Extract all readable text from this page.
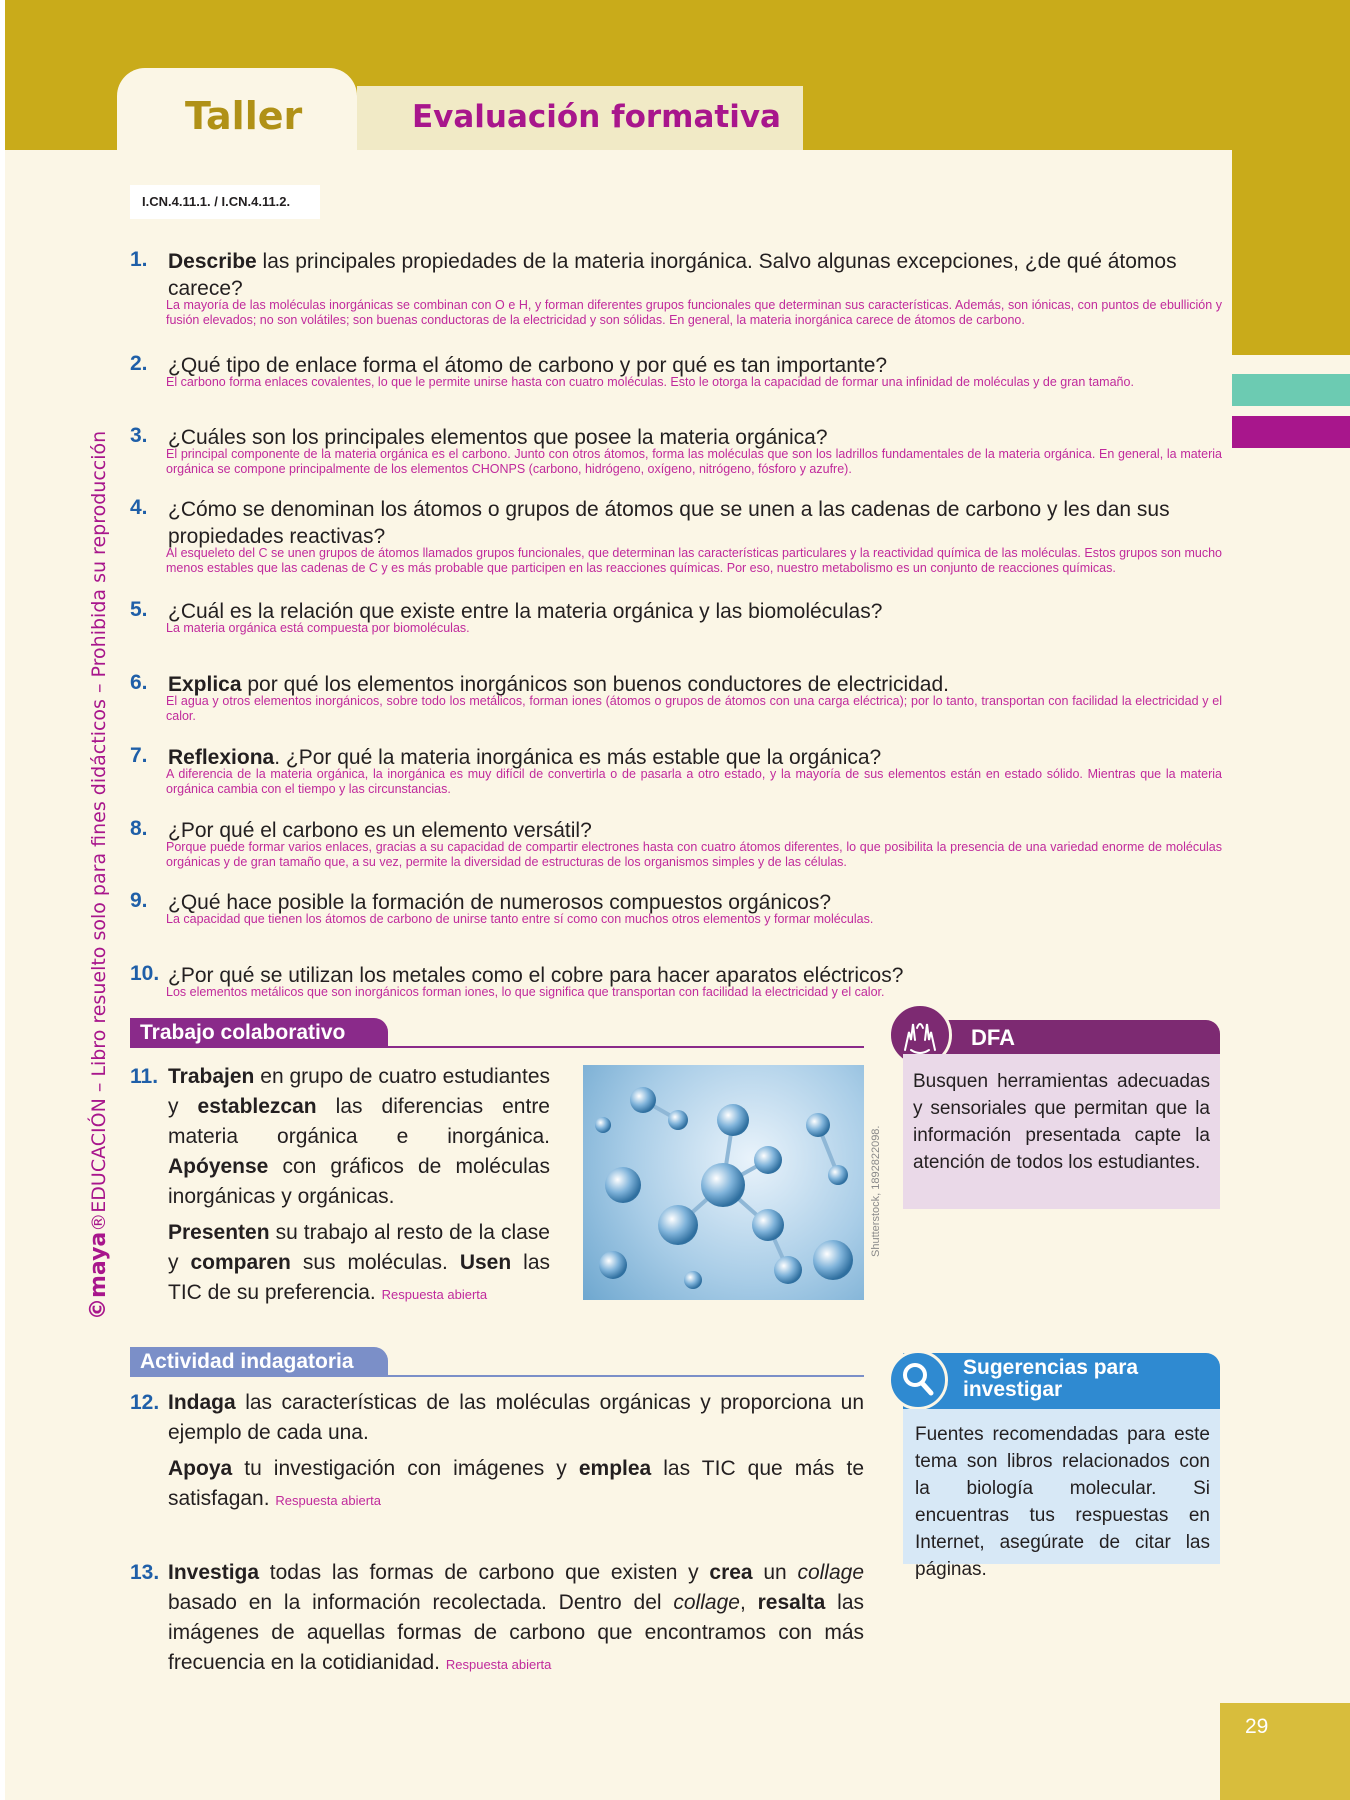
Taller	Evaluación formativa
I.CN.4.11.1. / I.CN.4.11.2.
©maya®EDUCACIÓN – Libro resuelto solo para fines didácticos – Prohibida su reproducción
1. Describe las principales propiedades de la materia inorgánica. Salvo algunas excepciones, ¿de qué átomos carece?
La mayoría de las moléculas inorgánicas se combinan con O e H, y forman diferentes grupos funcionales que determinan sus características. Además, son iónicas, con puntos de ebullición y fusión elevados; no son volátiles; son buenas conductoras de la electricidad y son sólidas. En general, la materia inorgánica carece de átomos de carbono.
2. ¿Qué tipo de enlace forma el átomo de carbono y por qué es tan importante?
El carbono forma enlaces covalentes, lo que le permite unirse hasta con cuatro moléculas. Esto le otorga la capacidad de formar una infinidad de moléculas y de gran tamaño.
3. ¿Cuáles son los principales elementos que posee la materia orgánica?
El principal componente de la materia orgánica es el carbono. Junto con otros átomos, forma las moléculas que son los ladrillos fundamentales de la materia orgánica. En general, la materia orgánica se compone principalmente de los elementos CHONPS (carbono, hidrógeno, oxígeno, nitrógeno, fósforo y azufre).
4. ¿Cómo se denominan los átomos o grupos de átomos que se unen a las cadenas de carbono y les dan sus propiedades reactivas?
Al esqueleto del C se unen grupos de átomos llamados grupos funcionales, que determinan las características particulares y la reactividad química de las moléculas. Estos grupos son mucho menos estables que las cadenas de C y es más probable que participen en las reacciones químicas. Por eso, nuestro metabolismo es un conjunto de reacciones químicas.
5. ¿Cuál es la relación que existe entre la materia orgánica y las biomoléculas?
La materia orgánica está compuesta por biomoléculas.
6. Explica por qué los elementos inorgánicos son buenos conductores de electricidad.
El agua y otros elementos inorgánicos, sobre todo los metálicos, forman iones (átomos o grupos de átomos con una carga eléctrica); por lo tanto, transportan con facilidad la electricidad y el calor.
7. Reflexiona. ¿Por qué la materia inorgánica es más estable que la orgánica?
A diferencia de la materia orgánica, la inorgánica es muy difícil de convertirla o de pasarla a otro estado, y la mayoría de sus elementos están en estado sólido. Mientras que la materia orgánica cambia con el tiempo y las circunstancias.
8. ¿Por qué el carbono es un elemento versátil?
Porque puede formar varios enlaces, gracias a su capacidad de compartir electrones hasta con cuatro átomos diferentes, lo que posibilita la presencia de una variedad enorme de moléculas orgánicas y de gran tamaño que, a su vez, permite la diversidad de estructuras de los organismos simples y de las células.
9. ¿Qué hace posible la formación de numerosos compuestos orgánicos?
La capacidad que tienen los átomos de carbono de unirse tanto entre sí como con muchos otros elementos y formar moléculas.
10. ¿Por qué se utilizan los metales como el cobre para hacer aparatos eléctricos?
Los elementos metálicos que son inorgánicos forman iones, lo que significa que transportan con facilidad la electricidad y el calor.
Trabajo colaborativo
11. Trabajen en grupo de cuatro estudiantes y establezcan las diferencias entre materia orgánica e inorgánica. Apóyense con gráficos de moléculas inorgánicas y orgánicas.
Presenten su trabajo al resto de la clase y comparen sus moléculas. Usen las TIC de su preferencia. Respuesta abierta
Shutterstock, 1892822098.
DFA
Busquen herramientas adecuadas y sensoriales que permitan que la información presentada capte la atención de todos los estudiantes.
Actividad indagatoria
12. Indaga las características de las moléculas orgánicas y proporciona un ejemplo de cada una.
Apoya tu investigación con imágenes y emplea las TIC que más te satisfagan. Respuesta abierta
13. Investiga todas las formas de carbono que existen y crea un collage basado en la información recolectada. Dentro del collage, resalta las imágenes de aquellas formas de carbono que encontramos con más frecuencia en la cotidianidad. Respuesta abierta
Sugerencias para investigar
Fuentes recomendadas para este tema son libros relacionados con la biología molecular. Si encuentras tus respuestas en Internet, asegúrate de citar las páginas.
29
